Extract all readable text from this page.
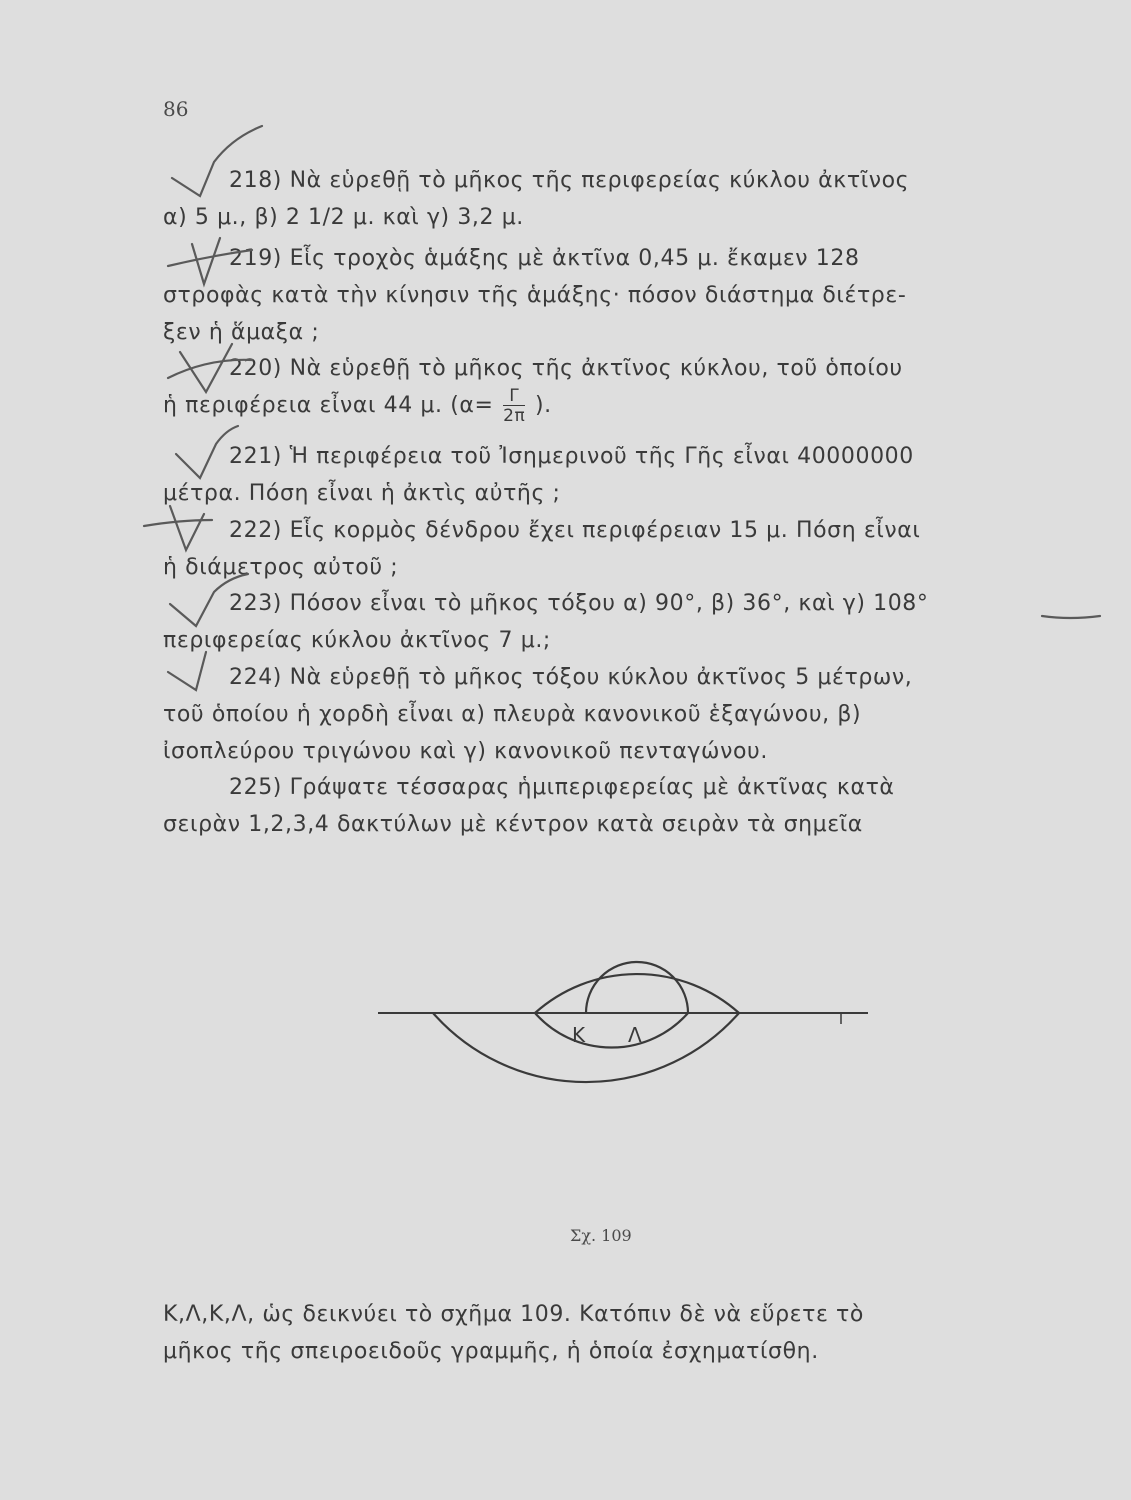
86
218) Νὰ εὑρεθῇ τὸ μῆκος τῆς περιφερείας κύκλου ἀκτῖνος
α) 5 μ., β) 2 1/2 μ. καὶ γ) 3,2 μ.
219) Εἷς τροχὸς ἁμάξης μὲ ἀκτῖνα 0,45 μ. ἔκαμεν 128
στροφὰς κατὰ τὴν κίνησιν τῆς ἁμάξης· πόσον διάστημα διέτρε-
ξεν ἡ ἅμαξα ;
220) Νὰ εὑρεθῇ τὸ μῆκος τῆς ἀκτῖνος κύκλου, τοῦ ὁποίου
ἡ περιφέρεια εἶναι 44 μ. ($\alpha= \frac{\Gamma}{2\pi}$ ).
221) Ἡ περιφέρεια τοῦ Ἰσημερινοῦ τῆς Γῆς εἶναι 40000000
μέτρα. Πόση εἶναι ἡ ἀκτὶς αὐτῆς ;
222) Εἷς κορμὸς δένδρου ἔχει περιφέρειαν 15 μ. Πόση εἶναι
ἡ διάμετρος αὐτοῦ ;
223) Πόσον εἶναι τὸ μῆκος τόξου α) 90°, β) 36°, καὶ γ) 108°
περιφερείας κύκλου ἀκτῖνος 7 μ.;
224) Νὰ εὑρεθῇ τὸ μῆκος τόξου κύκλου ἀκτῖνος 5 μέτρων,
τοῦ ὁποίου ἡ χορδὴ εἶναι α) πλευρὰ κανονικοῦ ἑξαγώνου, β)
ἰσοπλεύρου τριγώνου καὶ γ) κανονικοῦ πενταγώνου.
225) Γράψατε τέσσαρας ἡμιπεριφερείας μὲ ἀκτῖνας κατὰ
σειρὰν 1,2,3,4 δακτύλων μὲ κέντρον κατὰ σειρὰν τὰ σημεῖα
Κ Λ
Σχ. 109
Κ,Λ,Κ,Λ, ὡς δεικνύει τὸ σχῆμα 109. Κατόπιν δὲ νὰ εὕρετε τὸ
μῆκος τῆς σπειροειδοῦς γραμμῆς, ἡ ὁποία ἐσχηματίσθη.
